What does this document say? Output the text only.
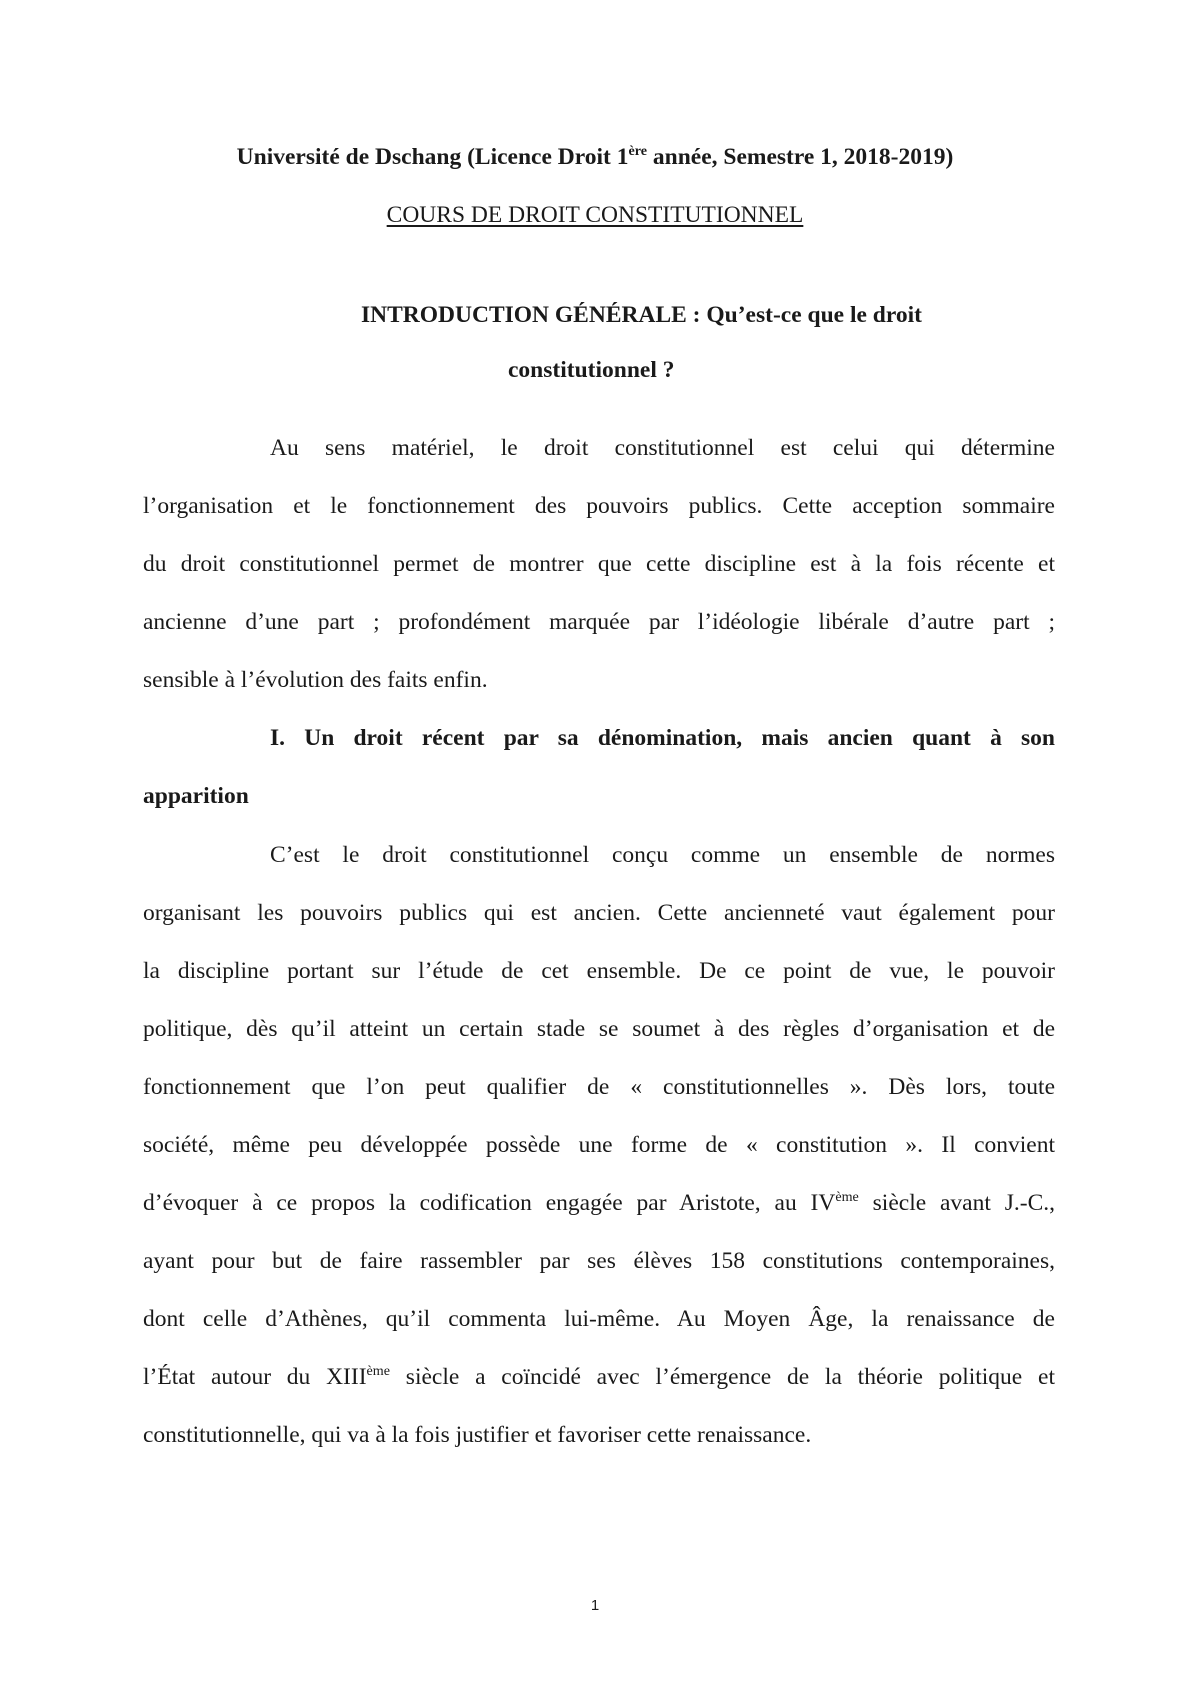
Université de Dschang (Licence Droit 1ère année, Semestre 1, 2018-2019)
COURS DE DROIT CONSTITUTIONNEL
INTRODUCTION GÉNÉRALE : Qu’est-ce que le droit
constitutionnel ?
Au sens matériel, le droit constitutionnel est celui qui détermine
l’organisation et le fonctionnement des pouvoirs publics. Cette acception sommaire
du droit constitutionnel permet de montrer que cette discipline est à la fois récente et
ancienne d’une part ; profondément marquée par l’idéologie libérale d’autre part ;
sensible à l’évolution des faits enfin.
I. Un droit récent par sa dénomination, mais ancien quant à son
apparition
C’est le droit constitutionnel conçu comme un ensemble de normes
organisant les pouvoirs publics qui est ancien. Cette ancienneté vaut également pour
la discipline portant sur l’étude de cet ensemble. De ce point de vue, le pouvoir
politique, dès qu’il atteint un certain stade se soumet à des règles d’organisation et de
fonctionnement que l’on peut qualifier de « constitutionnelles ». Dès lors, toute
société, même peu développée possède une forme de « constitution ». Il convient
d’évoquer à ce propos la codification engagée par Aristote, au IVème siècle avant J.-C.,
ayant pour but de faire rassembler par ses élèves 158 constitutions contemporaines,
dont celle d’Athènes, qu’il commenta lui-même. Au Moyen Âge, la renaissance de
l’État autour du XIIIème siècle a coïncidé avec l’émergence de la théorie politique et
constitutionnelle, qui va à la fois justifier et favoriser cette renaissance.
1
